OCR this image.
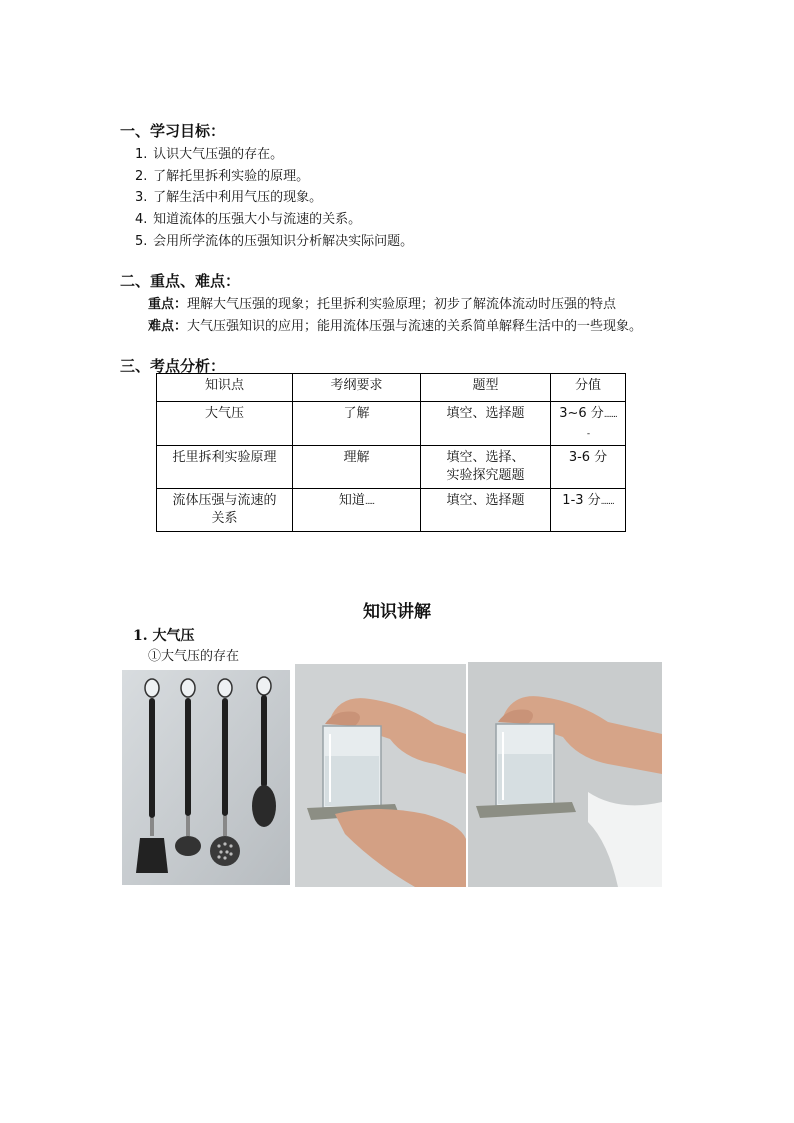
一、学习目标：
1. 认识大气压强的存在。
2. 了解托里拆利实验的原理。
3. 了解生活中利用气压的现象。
4. 知道流体的压强大小与流速的关系。
5. 会用所学流体的压强知识分析解决实际问题。
二、重点、难点：
重点：理解大气压强的现象；托里拆利实验原理；初步了解流体流动时压强的特点
难点：大气压强知识的应用；能用流体压强与流速的关系简单解释生活中的一些现象。
三、考点分析：
知识点	考纲要求	题型	分值
大气压	了解	填空、选择题	3~6 分.......
-
托里拆利实验原理	理解	填空、选择、
实验探究题题	3-6 分
流体压强与流速的
关系	知道.....	填空、选择题	1-3 分.......
知识讲解
1. 大气压
①大气压的存在
